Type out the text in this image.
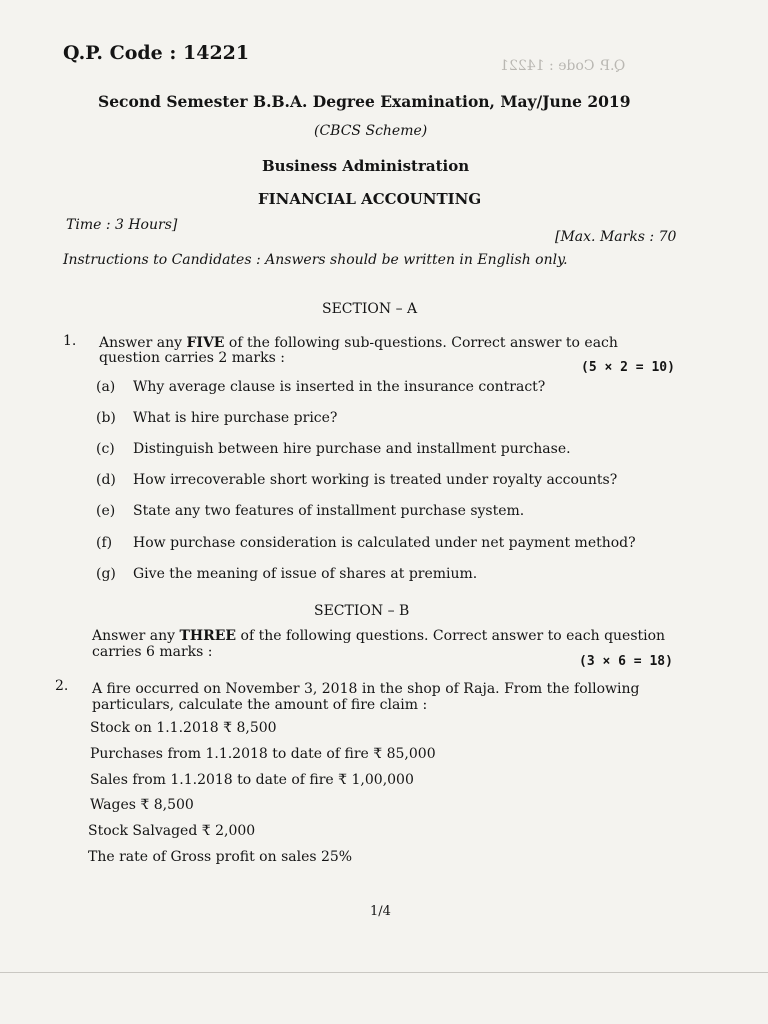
Q.P. Code : 14221
Q.P. Code : 14221
Second Semester B.B.A. Degree Examination, May/June 2019
(CBCS Scheme)
Business Administration
FINANCIAL ACCOUNTING
Time : 3 Hours]
[Max. Marks : 70
Instructions to Candidates : Answers should be written in English only.
SECTION – A
1. Answer any FIVE of the following sub-questions. Correct answer to each
question carries 2 marks :
(5 × 2 = 10)
(a) Why average clause is inserted in the insurance contract?
(b) What is hire purchase price?
(c) Distinguish between hire purchase and installment purchase.
(d) How irrecoverable short working is treated under royalty accounts?
(e) State any two features of installment purchase system.
(f) How purchase consideration is calculated under net payment method?
(g) Give the meaning of issue of shares at premium.
SECTION – B
Answer any THREE of the following questions. Correct answer to each question
carries 6 marks :
(3 × 6 = 18)
2. A fire occurred on November 3, 2018 in the shop of Raja. From the following
particulars, calculate the amount of fire claim :
Stock on 1.1.2018 ₹ 8,500
Purchases from 1.1.2018 to date of fire ₹ 85,000
Sales from 1.1.2018 to date of fire ₹ 1,00,000
Wages ₹ 8,500
Stock Salvaged ₹ 2,000
The rate of Gross profit on sales 25%
1/4
